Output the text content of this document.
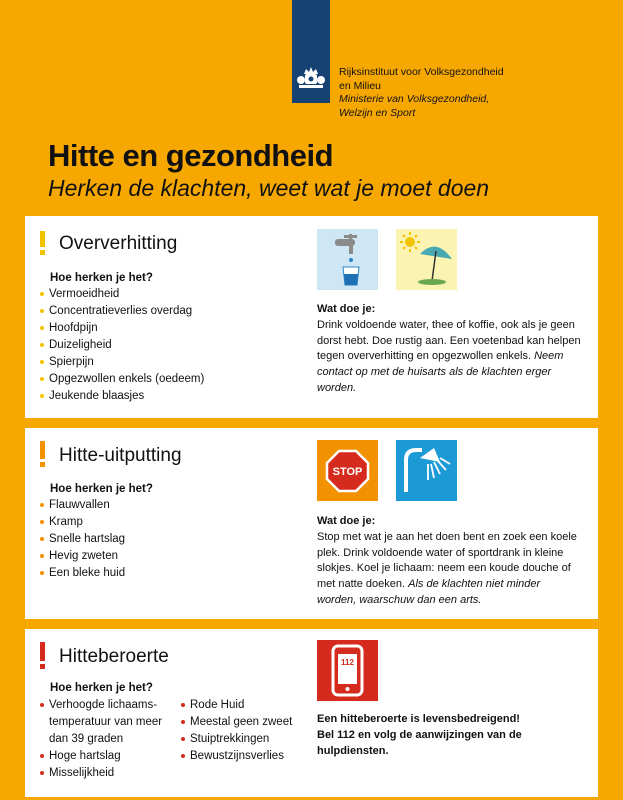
Rijksinstituut voor Volksgezondheid
en Milieu
Ministerie van Volksgezondheid,
Welzijn en Sport
Hitte en gezondheid
Herken de klachten, weet wat je moet doen
Oververhitting
Hoe herken je het?
Vermoeidheid
Concentratieverlies overdag
Hoofdpijn
Duizeligheid
Spierpijn
Opgezwollen enkels (oedeem)
Jeukende blaasjes
Wat doe je:
Drink voldoende water, thee of koffie, ook als je geen dorst hebt. Doe rustig aan. Een voetenbad kan helpen tegen oververhitting en opgezwollen enkels. Neem contact op met de huisarts als de klachten erger worden.
Hitte-uitputting
Hoe herken je het?
Flauwvallen
Kramp
Snelle hartslag
Hevig zweten
Een bleke huid
STOP
Wat doe je:
Stop met wat je aan het doen bent en zoek een koele plek. Drink voldoende water of sportdrank in kleine slokjes. Koel je lichaam: neem een koude douche of met natte doeken. Als de klachten niet minder worden, waarschuw dan een arts.
Hitteberoerte
Hoe herken je het?
Verhoogde lichaams-temperatuur van meer dan 39 graden
Hoge hartslag
Misselijkheid
Rode Huid
Meestal geen zweet
Stuiptrekkingen
Bewustzijnsverlies
112
Een hitteberoerte is levensbedreigend! Bel 112 en volg de aanwijzingen van de hulpdiensten.
